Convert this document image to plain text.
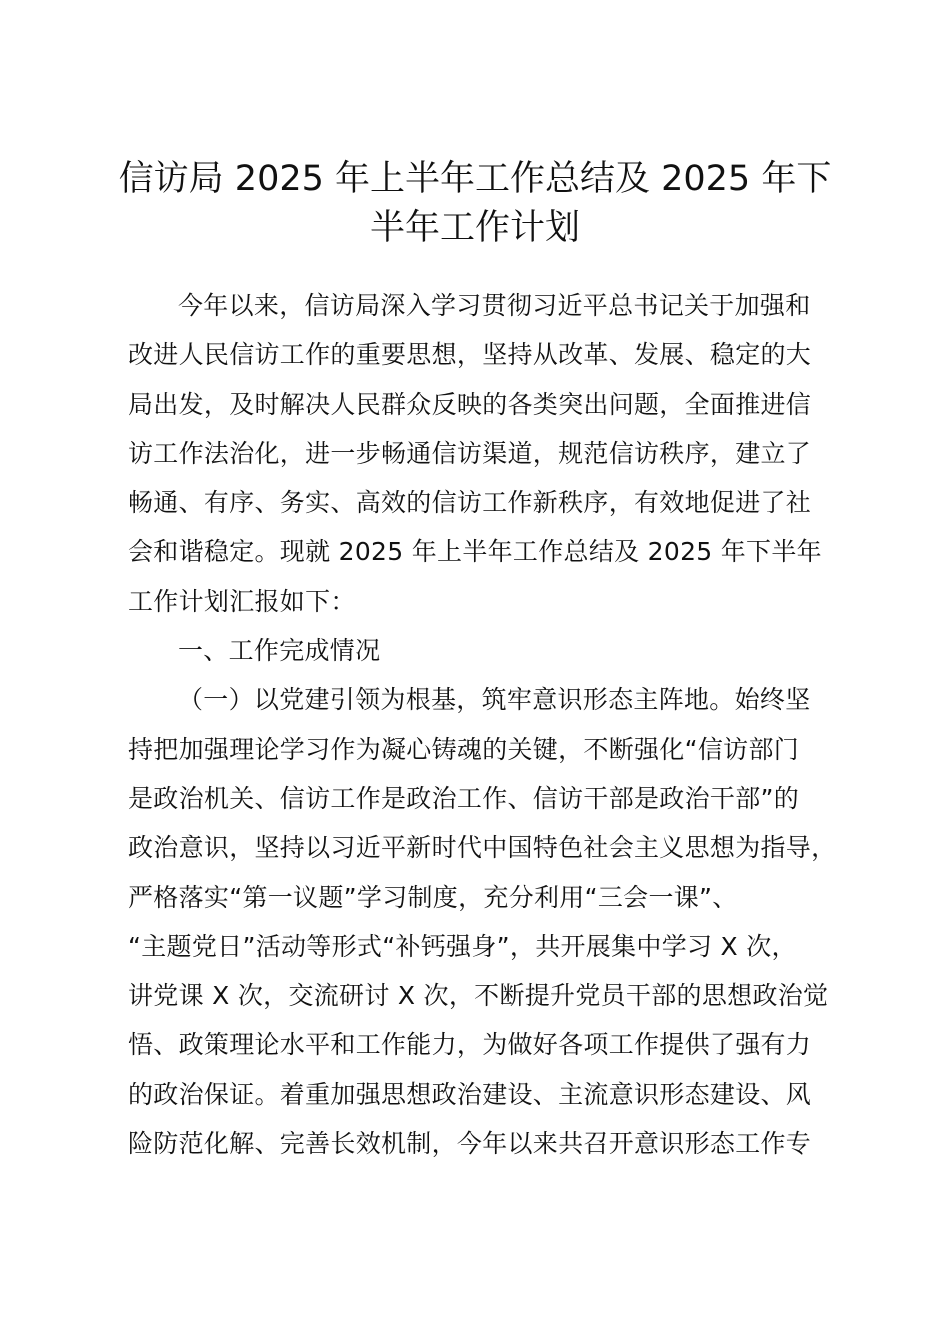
信访局 2025 年上半年工作总结及 2025 年下
半年工作计划
今年以来，信访局深入学习贯彻习近平总书记关于加强和
改进人民信访工作的重要思想，坚持从改革、发展、稳定的大
局出发，及时解决人民群众反映的各类突出问题，全面推进信
访工作法治化，进一步畅通信访渠道，规范信访秩序，建立了
畅通、有序、务实、高效的信访工作新秩序，有效地促进了社
会和谐稳定。现就 2025 年上半年工作总结及 2025 年下半年
工作计划汇报如下：
一、工作完成情况
（一）以党建引领为根基，筑牢意识形态主阵地。始终坚
持把加强理论学习作为凝心铸魂的关键，不断强化“信访部门
是政治机关、信访工作是政治工作、信访干部是政治干部”的
政治意识，坚持以习近平新时代中国特色社会主义思想为指导，
严格落实“第一议题”学习制度，充分利用“三会一课”、
“主题党日”活动等形式“补钙强身”，共开展集中学习 X 次，
讲党课 X 次，交流研讨 X 次，不断提升党员干部的思想政治觉
悟、政策理论水平和工作能力，为做好各项工作提供了强有力
的政治保证。着重加强思想政治建设、主流意识形态建设、风
险防范化解、完善长效机制，今年以来共召开意识形态工作专
